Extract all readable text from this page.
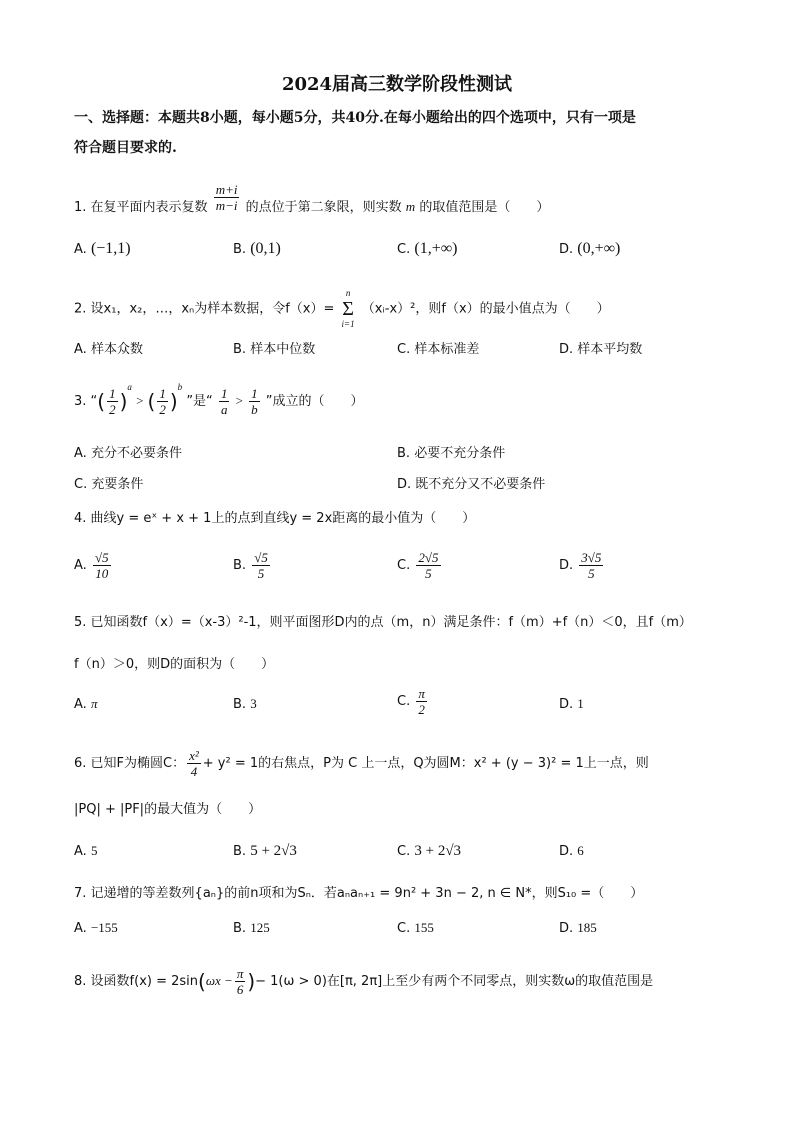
2024届高三数学阶段性测试
一、选择题：本题共8小题，每小题5分，共40分.在每小题给出的四个选项中，只有一项是
符合题目要求的.
1. 在复平面内表示复数 $\frac{m+i}{m-i}$ 的点位于第二象限，则实数 m 的取值范围是（　　）
A. (−1,1)	B. (0,1)	C. (1,+∞)	D. (0,+∞)
2. 设x₁，x₂，…，xₙ为样本数据，令f（x）=
n
Σ
i=1
（xᵢ-x）²，则f（x）的最小值点为（　　）
A. 样本众数	B. 样本中位数	C. 样本标准差	D. 样本平均数
3. “( $\frac{1}{2} )^a$ > ( $\frac{1}{2} )^b$ ”是“ $\frac{1}{a} > \frac{1}{b}$ ”成立的（　　）
A. 充分不必要条件	B. 必要不充分条件
C. 充要条件	D. 既不充分又不必要条件
4. 曲线y = eˣ + x + 1上的点到直线y = 2x距离的最小值为（　　）
A. $\frac{√5}{10}$	B. $\frac{√5}{5}$	C. $\frac{2√5}{5}$	D. $\frac{3√5}{5}$
5. 已知函数f（x）=（x-3）²-1，则平面图形D内的点（m，n）满足条件：f（m）+f（n）＜0，且f（m）
f（n）＞0，则D的面积为（　　）
A. π	B. 3	C. $\frac{\pi}{2}$	D. 1
6. 已知F为椭圆C： $\frac{\text{x²}}{4} + y^2 = 1$的右焦点，P为 C 上一点，Q为圆M：x² + (y − 3)² = 1上一点，则
|PQ| + |PF|的最大值为（　　）
A. 5	B. 5 + 2√3	C. 3 + 2√3	D. 6
7. 记递增的等差数列{aₙ}的前n项和为Sₙ．若aₙaₙ₊₁ = 9n² + 3n − 2, n ∈ N*，则S₁₀ =（　　）
A. −155	B. 125	C. 155	D. 185
8. 设函数$f(x) = 2\sin(\omega x - \frac{\pi}{6}$ )− 1(ω > 0)在[π, 2π]上至少有两个不同零点，则实数ω的取值范围是
